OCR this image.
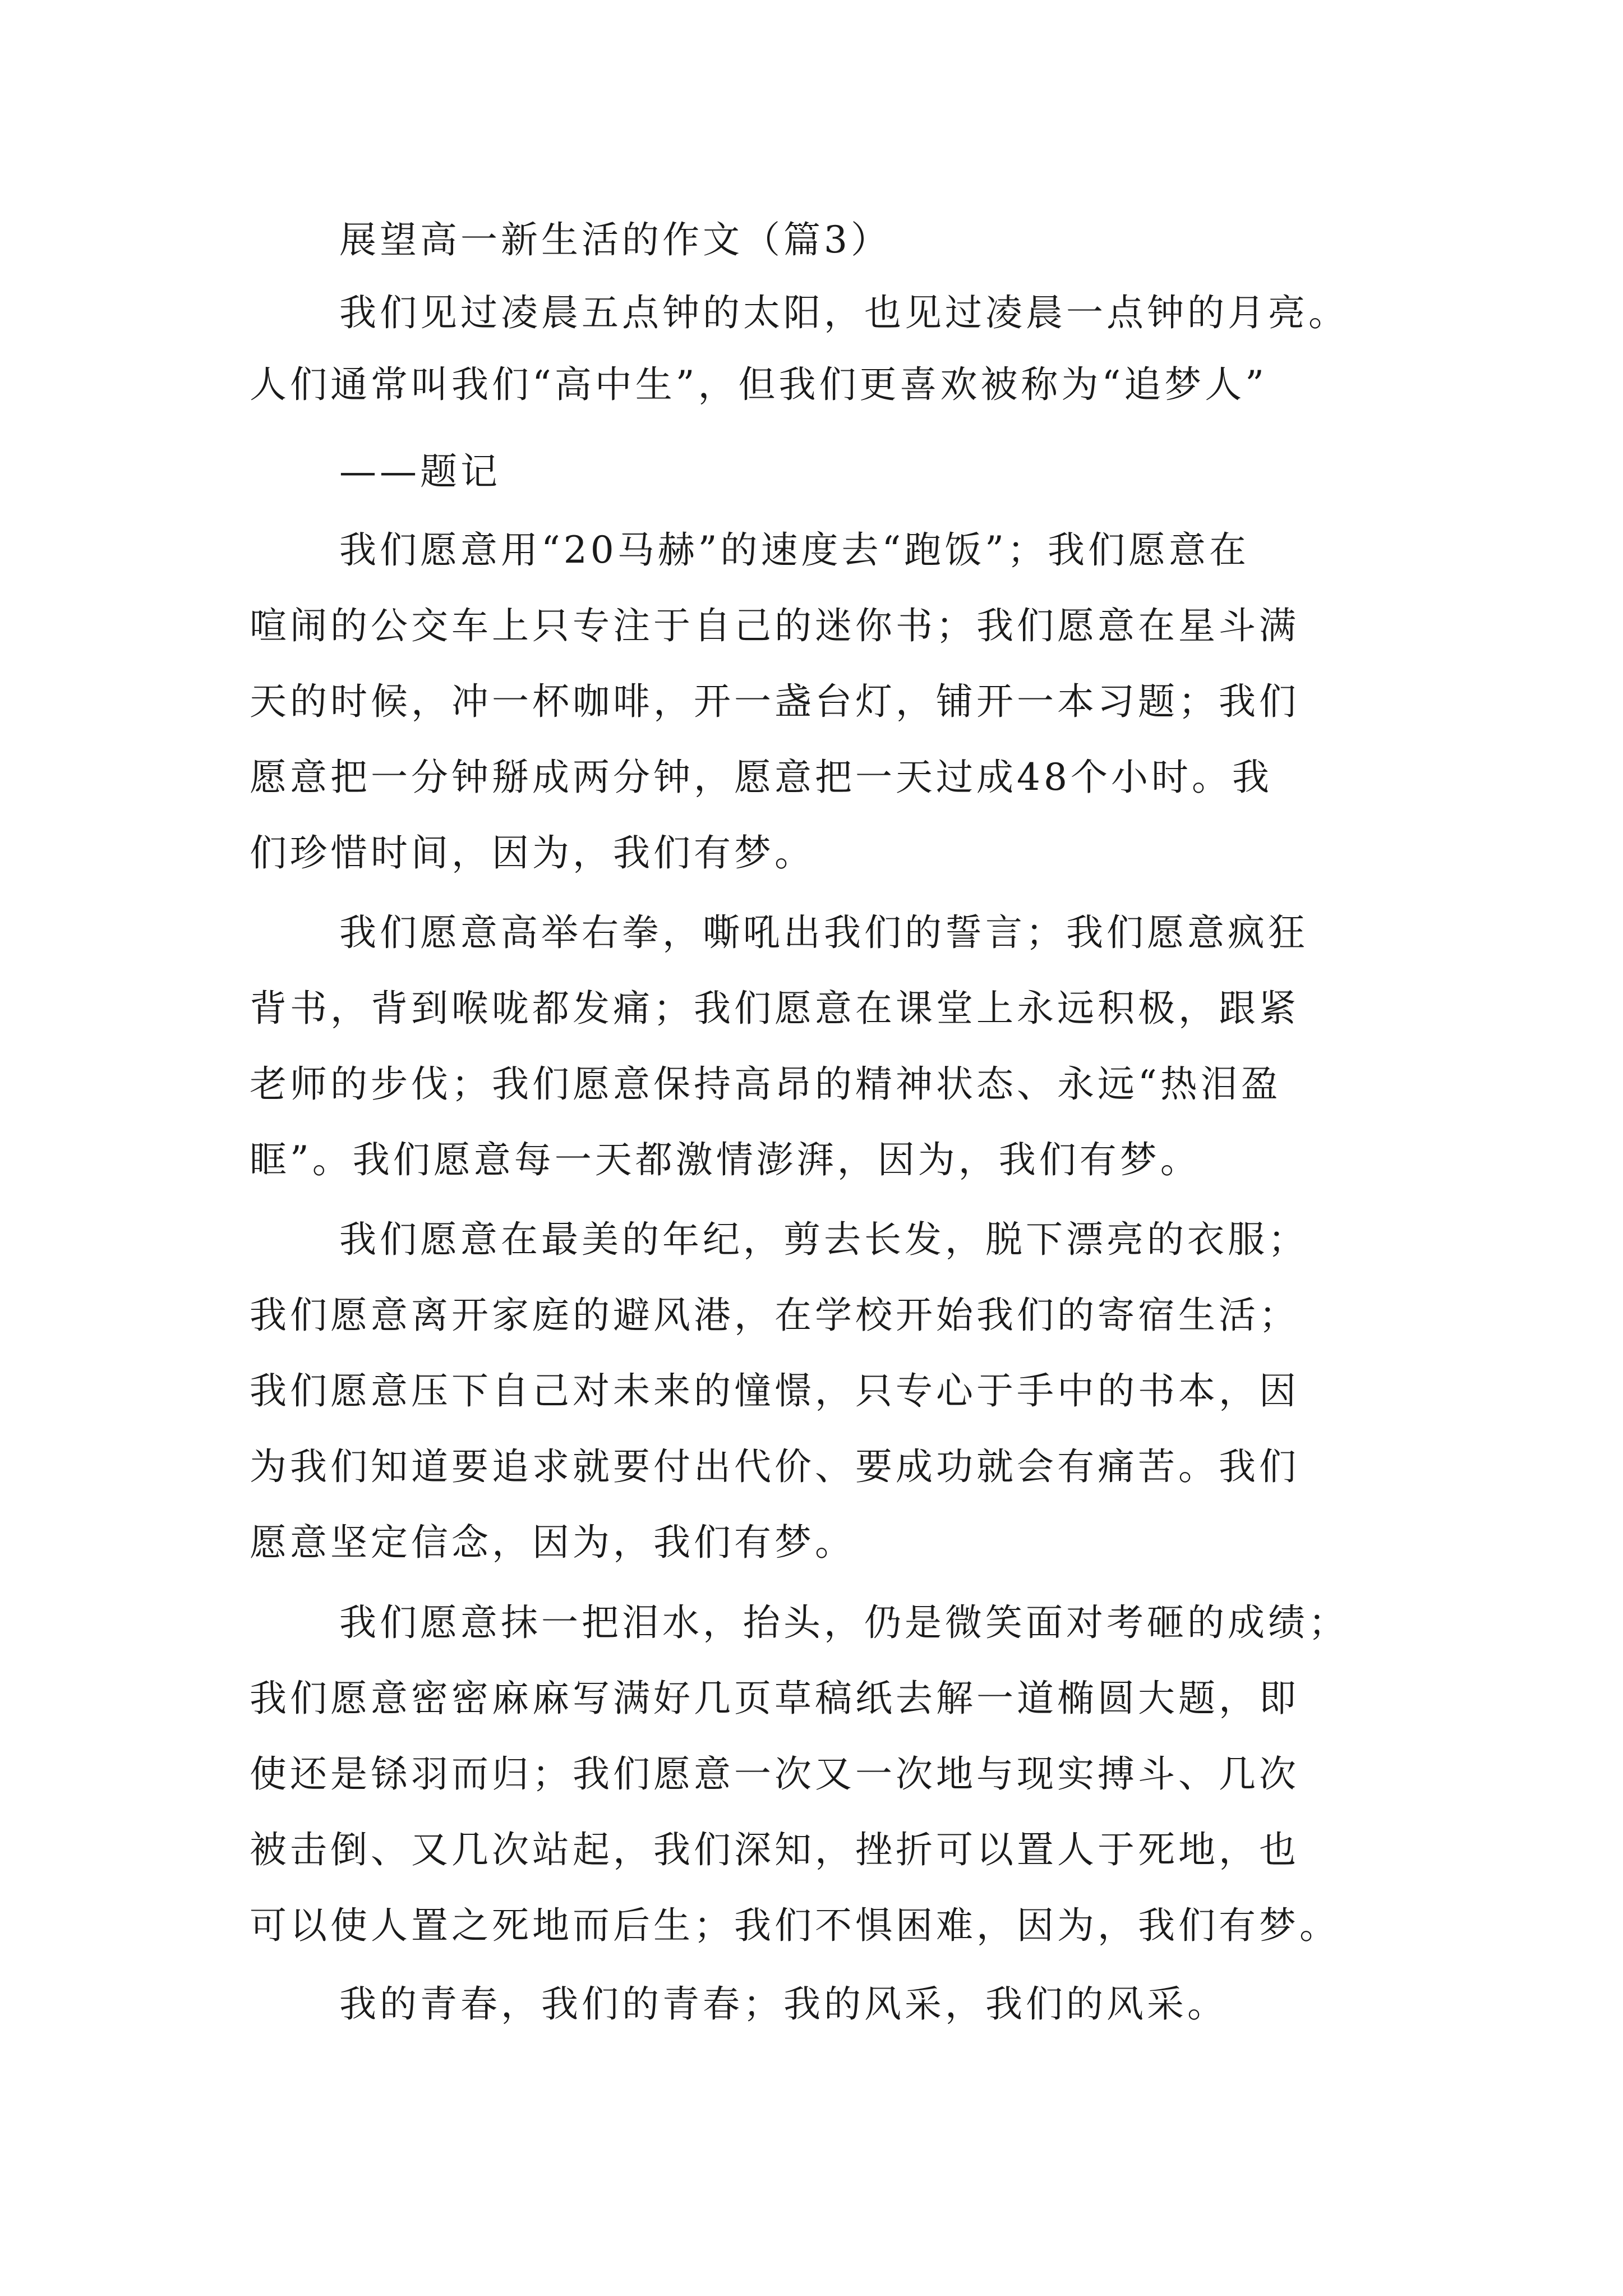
展望高一新生活的作文（篇3）
我们见过凌晨五点钟的太阳，也见过凌晨一点钟的月亮。
人们通常叫我们“高中生”，但我们更喜欢被称为“追梦人”
——题记
我们愿意用“20马赫”的速度去“跑饭”；我们愿意在
喧闹的公交车上只专注于自己的迷你书；我们愿意在星斗满
天的时候，冲一杯咖啡，开一盏台灯，铺开一本习题；我们
愿意把一分钟掰成两分钟，愿意把一天过成48个小时。我
们珍惜时间，因为，我们有梦。
我们愿意高举右拳，嘶吼出我们的誓言；我们愿意疯狂
背书，背到喉咙都发痛；我们愿意在课堂上永远积极，跟紧
老师的步伐；我们愿意保持高昂的精神状态、永远“热泪盈
眶”。我们愿意每一天都激情澎湃，因为，我们有梦。
我们愿意在最美的年纪，剪去长发，脱下漂亮的衣服；
我们愿意离开家庭的避风港，在学校开始我们的寄宿生活；
我们愿意压下自己对未来的憧憬，只专心于手中的书本，因
为我们知道要追求就要付出代价、要成功就会有痛苦。我们
愿意坚定信念，因为，我们有梦。
我们愿意抹一把泪水，抬头，仍是微笑面对考砸的成绩；
我们愿意密密麻麻写满好几页草稿纸去解一道椭圆大题，即
使还是铩羽而归；我们愿意一次又一次地与现实搏斗、几次
被击倒、又几次站起，我们深知，挫折可以置人于死地，也
可以使人置之死地而后生；我们不惧困难，因为，我们有梦。
我的青春，我们的青春；我的风采，我们的风采。
